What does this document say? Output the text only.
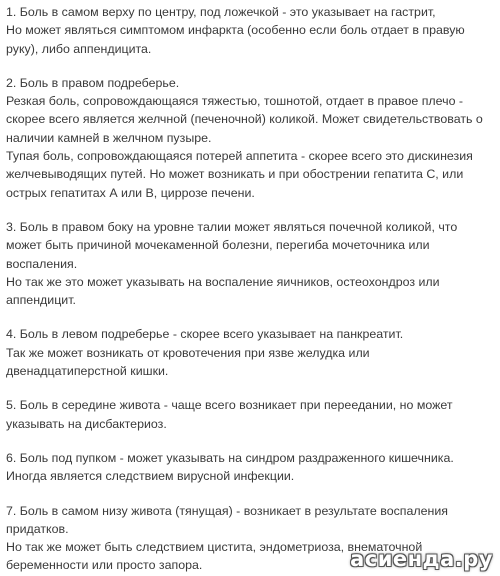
1. Боль в самом верху по центру, под ложечкой - это указывает на гастрит,
Но может являться симптомом инфаркта (особенно если боль отдает в правую
руку), либо аппендицита.
2. Боль в правом подреберье.
Резкая боль, сопровождающаяся тяжестью, тошнотой, отдает в правое плечо -
скорее всего является желчной (печеночной) коликой. Может свидетельствовать о
наличии камней в желчном пузыре.
Тупая боль, сопровождающаяся потерей аппетита - скорее всего это дискинезия
желчевыводящих путей. Но может возникать и при обострении гепатита С, или
острых гепатитах А или В, циррозе печени.
3. Боль в правом боку на уровне талии может являться почечной коликой, что
может быть причиной мочекаменной болезни, перегиба мочеточника или
воспаления.
Но так же это может указывать на воспаление яичников, остеохондроз или
аппендицит.
4. Боль в левом подреберье - скорее всего указывает на панкреатит.
Так же может возникать от кровотечения при язве желудка или
двенадцатиперстной кишки.
5. Боль в середине живота - чаще всего возникает при переедании, но может
указывать на дисбактериоз.
6. Боль под пупком - может указывать на синдром раздраженного кишечника.
Иногда является следствием вирусной инфекции.
7. Боль в самом низу живота (тянущая) - возникает в результате воспаления
придатков.
Но так же может быть следствием цистита, эндометриоза, внематочной
беременности или просто запора.	асиенда.ру
